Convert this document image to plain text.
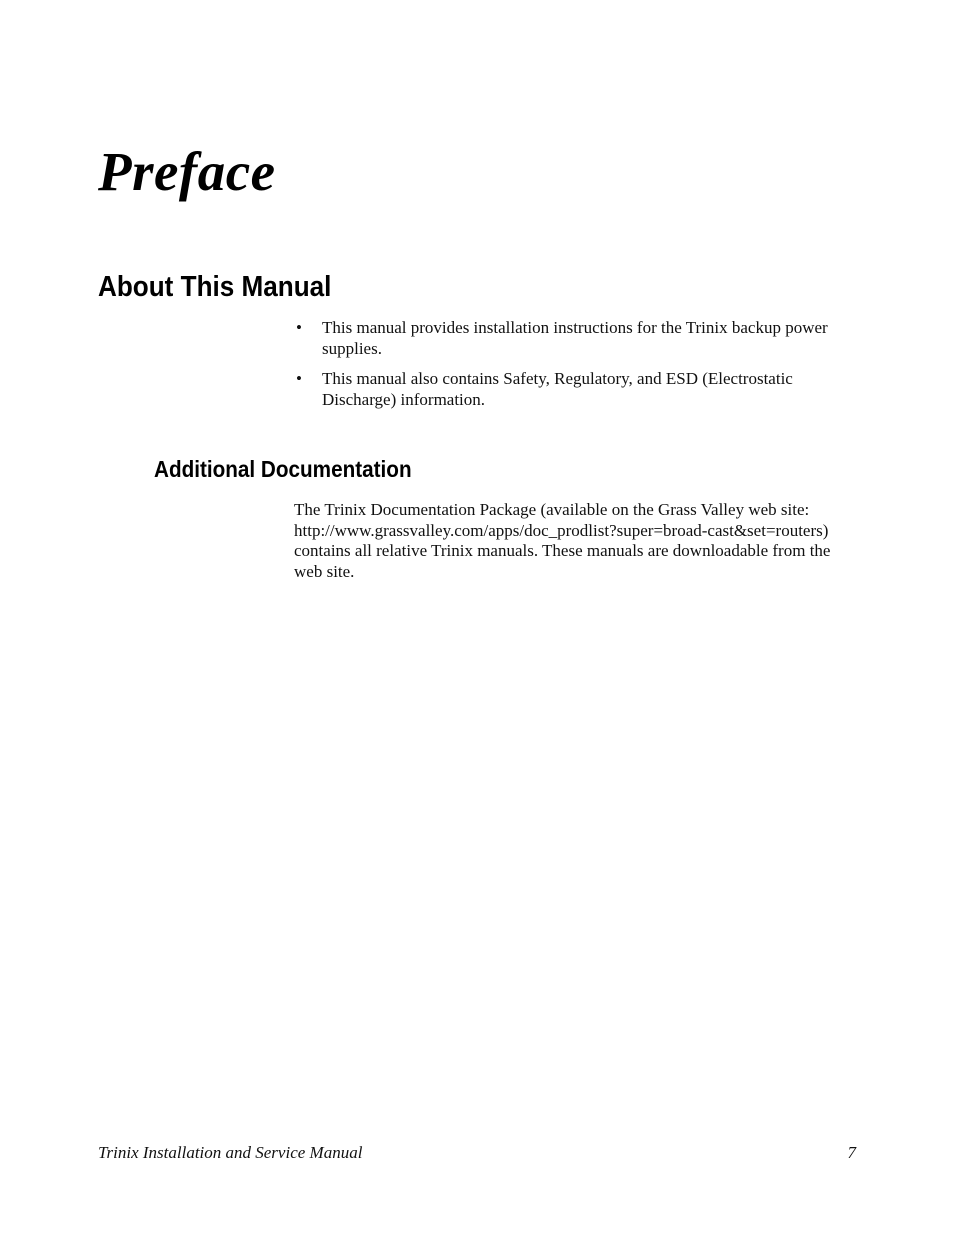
Preface
About This Manual
• This manual provides installation instructions for the Trinix backup power supplies.
• This manual also contains Safety, Regulatory, and ESD (Electrostatic Discharge) information.
Additional Documentation

The Trinix Documentation Package (available on the Grass Valley web site: http://www.grassvalley.com/apps/doc_prodlist?super=broad-cast&set=routers) contains all relative Trinix manuals. These manuals are downloadable from the web site.

Trinix Installation and Service Manual	7
